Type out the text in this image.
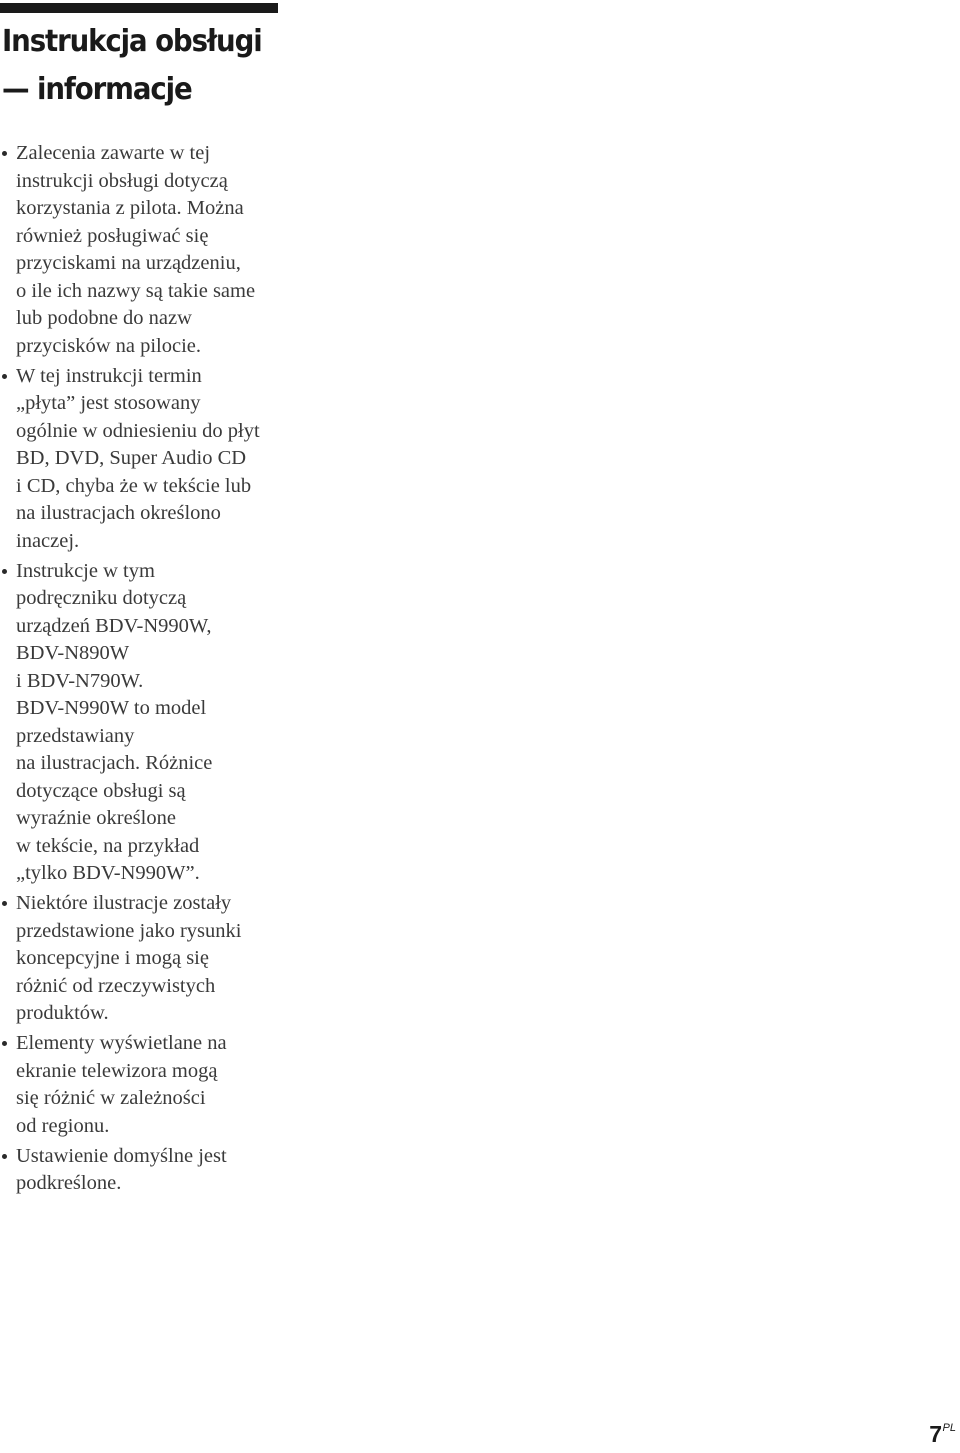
Instrukcja obsługi
— informacje
Zalecenia zawarte w tej
instrukcji obsługi dotyczą
korzystania z pilota. Można
również posługiwać się
przyciskami na urządzeniu,
o ile ich nazwy są takie same
lub podobne do nazw
przycisków na pilocie.
W tej instrukcji termin
„płyta” jest stosowany
ogólnie w odniesieniu do płyt
BD, DVD, Super Audio CD
i CD, chyba że w tekście lub
na ilustracjach określono
inaczej.
Instrukcje w tym
podręczniku dotyczą
urządzeń BDV-N990W,
BDV-N890W
i BDV-N790W.
BDV-N990W to model
przedstawiany
na ilustracjach. Różnice
dotyczące obsługi są
wyraźnie określone
w tekście, na przykład
„tylko BDV-N990W”.
Niektóre ilustracje zostały
przedstawione jako rysunki
koncepcyjne i mogą się
różnić od rzeczywistych
produktów.
Elementy wyświetlane na
ekranie telewizora mogą
się różnić w zależności
od regionu.
Ustawienie domyślne jest
podkreślone.
$7^{PL}$
